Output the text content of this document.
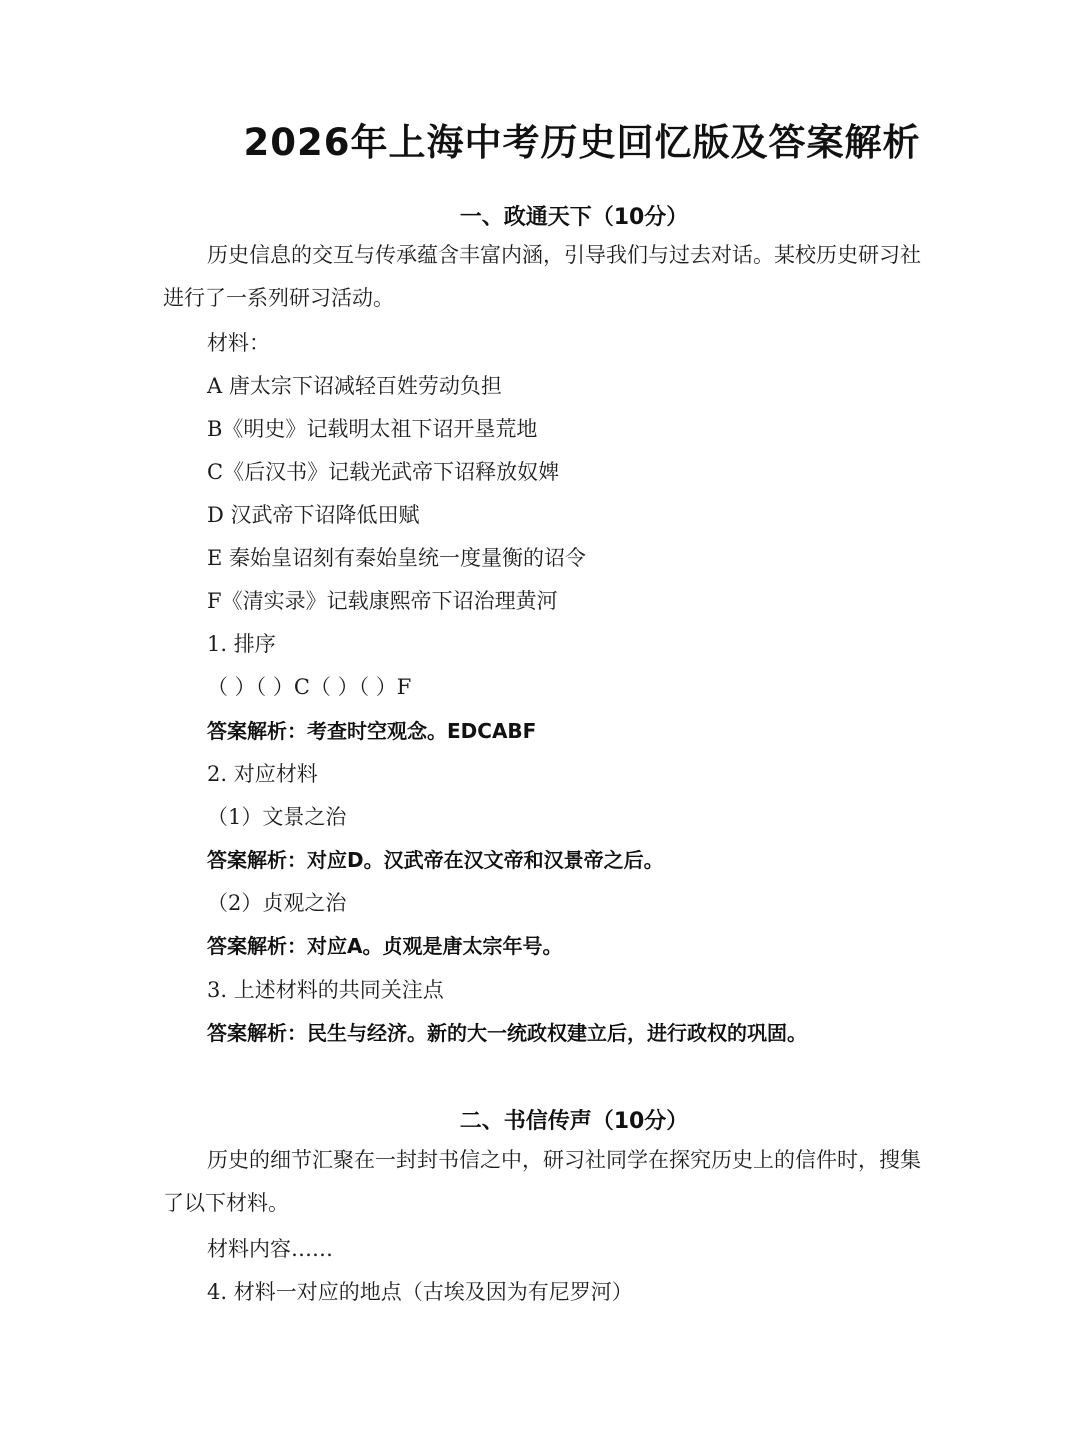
2026年上海中考历史回忆版及答案解析
一、政通天下（10分）
历史信息的交互与传承蕴含丰富内涵，引导我们与过去对话。某校历史研习社进行了一系列研习活动。
材料：
A 唐太宗下诏减轻百姓劳动负担
B《明史》记载明太祖下诏开垦荒地
C《后汉书》记载光武帝下诏释放奴婢
D 汉武帝下诏降低田赋
E 秦始皇诏刻有秦始皇统一度量衡的诏令
F《清实录》记载康熙帝下诏治理黄河
1. 排序
（ ）（ ）C（ ）（ ）F
答案解析：考查时空观念。EDCABF
2. 对应材料
（1）文景之治
答案解析：对应D。汉武帝在汉文帝和汉景帝之后。
（2）贞观之治
答案解析：对应A。贞观是唐太宗年号。
3. 上述材料的共同关注点
答案解析：民生与经济。新的大一统政权建立后，进行政权的巩固。
二、书信传声（10分）
历史的细节汇聚在一封封书信之中，研习社同学在探究历史上的信件时，搜集了以下材料。
材料内容……
4. 材料一对应的地点（古埃及因为有尼罗河）
